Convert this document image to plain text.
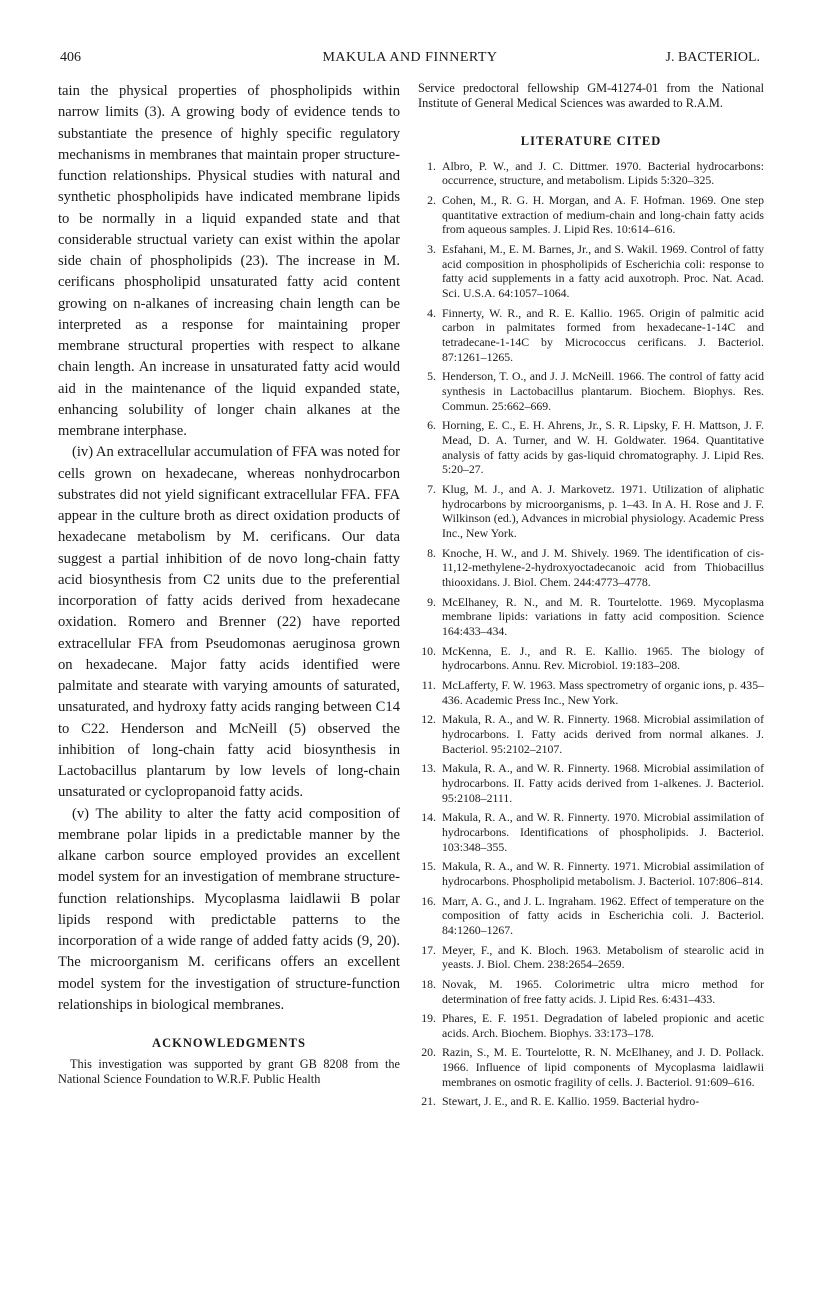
406	MAKULA AND FINNERTY	J. BACTERIOL.

tain the physical properties of phospholipids within narrow limits (3). A growing body of evidence tends to substantiate the presence of highly specific regulatory mechanisms in membranes that maintain proper structure-function relationships. Physical studies with natural and synthetic phospholipids have indicated membrane lipids to be normally in a liquid expanded state and that considerable structual variety can exist within the apolar side chain of phospholipids (23). The increase in M. cerificans phospholipid unsaturated fatty acid content growing on n-alkanes of increasing chain length can be interpreted as a response for maintaining proper membrane structural properties with respect to alkane chain length. An increase in unsaturated fatty acid would aid in the maintenance of the liquid expanded state, enhancing solubility of longer chain alkanes at the membrane interphase.

(iv) An extracellular accumulation of FFA was noted for cells grown on hexadecane, whereas nonhydrocarbon substrates did not yield significant extracellular FFA. FFA appear in the culture broth as direct oxidation products of hexadecane metabolism by M. cerificans. Our data suggest a partial inhibition of de novo long-chain fatty acid biosynthesis from C2 units due to the preferential incorporation of fatty acids derived from hexadecane oxidation. Romero and Brenner (22) have reported extracellular FFA from Pseudomonas aeruginosa grown on hexadecane. Major fatty acids identified were palmitate and stearate with varying amounts of saturated, unsaturated, and hydroxy fatty acids ranging between C14 to C22. Henderson and McNeill (5) observed the inhibition of long-chain fatty acid biosynthesis in Lactobacillus plantarum by low levels of long-chain unsaturated or cyclopropanoid fatty acids.

(v) The ability to alter the fatty acid composition of membrane polar lipids in a predictable manner by the alkane carbon source employed provides an excellent model system for an investigation of membrane structure-function relationships. Mycoplasma laidlawii B polar lipids respond with predictable patterns to the incorporation of a wide range of added fatty acids (9, 20). The microorganism M. cerificans offers an excellent model system for the investigation of structure-function relationships in biological membranes.

ACKNOWLEDGMENTS

This investigation was supported by grant GB 8208 from the National Science Foundation to W.R.F. Public Health

Service predoctoral fellowship GM-41274-01 from the National Institute of General Medical Sciences was awarded to R.A.M.

LITERATURE CITED
1. Albro, P. W., and J. C. Dittmer. 1970. Bacterial hydrocarbons: occurrence, structure, and metabolism. Lipids 5:320–325.
2. Cohen, M., R. G. H. Morgan, and A. F. Hofman. 1969. One step quantitative extraction of medium-chain and long-chain fatty acids from aqueous samples. J. Lipid Res. 10:614–616.
3. Esfahani, M., E. M. Barnes, Jr., and S. Wakil. 1969. Control of fatty acid composition in phospholipids of Escherichia coli: response to fatty acid supplements in a fatty acid auxotroph. Proc. Nat. Acad. Sci. U.S.A. 64:1057–1064.
4. Finnerty, W. R., and R. E. Kallio. 1965. Origin of palmitic acid carbon in palmitates formed from hexadecane-1-14C and tetradecane-1-14C by Micrococcus cerificans. J. Bacteriol. 87:1261–1265.
5. Henderson, T. O., and J. J. McNeill. 1966. The control of fatty acid synthesis in Lactobacillus plantarum. Biochem. Biophys. Res. Commun. 25:662–669.
6. Horning, E. C., E. H. Ahrens, Jr., S. R. Lipsky, F. H. Mattson, J. F. Mead, D. A. Turner, and W. H. Goldwater. 1964. Quantitative analysis of fatty acids by gas-liquid chromatography. J. Lipid Res. 5:20–27.
7. Klug, M. J., and A. J. Markovetz. 1971. Utilization of aliphatic hydrocarbons by microorganisms, p. 1–43. In A. H. Rose and J. F. Wilkinson (ed.), Advances in microbial physiology. Academic Press Inc., New York.
8. Knoche, H. W., and J. M. Shively. 1969. The identification of cis-11,12-methylene-2-hydroxyoctadecanoic acid from Thiobacillus thiooxidans. J. Biol. Chem. 244:4773–4778.
9. McElhaney, R. N., and M. R. Tourtelotte. 1969. Mycoplasma membrane lipids: variations in fatty acid composition. Science 164:433–434.
10. McKenna, E. J., and R. E. Kallio. 1965. The biology of hydrocarbons. Annu. Rev. Microbiol. 19:183–208.
11. McLafferty, F. W. 1963. Mass spectrometry of organic ions, p. 435–436. Academic Press Inc., New York.
12. Makula, R. A., and W. R. Finnerty. 1968. Microbial assimilation of hydrocarbons. I. Fatty acids derived from normal alkanes. J. Bacteriol. 95:2102–2107.
13. Makula, R. A., and W. R. Finnerty. 1968. Microbial assimilation of hydrocarbons. II. Fatty acids derived from 1-alkenes. J. Bacteriol. 95:2108–2111.
14. Makula, R. A., and W. R. Finnerty. 1970. Microbial assimilation of hydrocarbons. Identifications of phospholipids. J. Bacteriol. 103:348–355.
15. Makula, R. A., and W. R. Finnerty. 1971. Microbial assimilation of hydrocarbons. Phospholipid metabolism. J. Bacteriol. 107:806–814.
16. Marr, A. G., and J. L. Ingraham. 1962. Effect of temperature on the composition of fatty acids in Escherichia coli. J. Bacteriol. 84:1260–1267.
17. Meyer, F., and K. Bloch. 1963. Metabolism of stearolic acid in yeasts. J. Biol. Chem. 238:2654–2659.
18. Novak, M. 1965. Colorimetric ultra micro method for determination of free fatty acids. J. Lipid Res. 6:431–433.
19. Phares, E. F. 1951. Degradation of labeled propionic and acetic acids. Arch. Biochem. Biophys. 33:173–178.
20. Razin, S., M. E. Tourtelotte, R. N. McElhaney, and J. D. Pollack. 1966. Influence of lipid components of Mycoplasma laidlawii membranes on osmotic fragility of cells. J. Bacteriol. 91:609–616.
21. Stewart, J. E., and R. E. Kallio. 1959. Bacterial hydro-
